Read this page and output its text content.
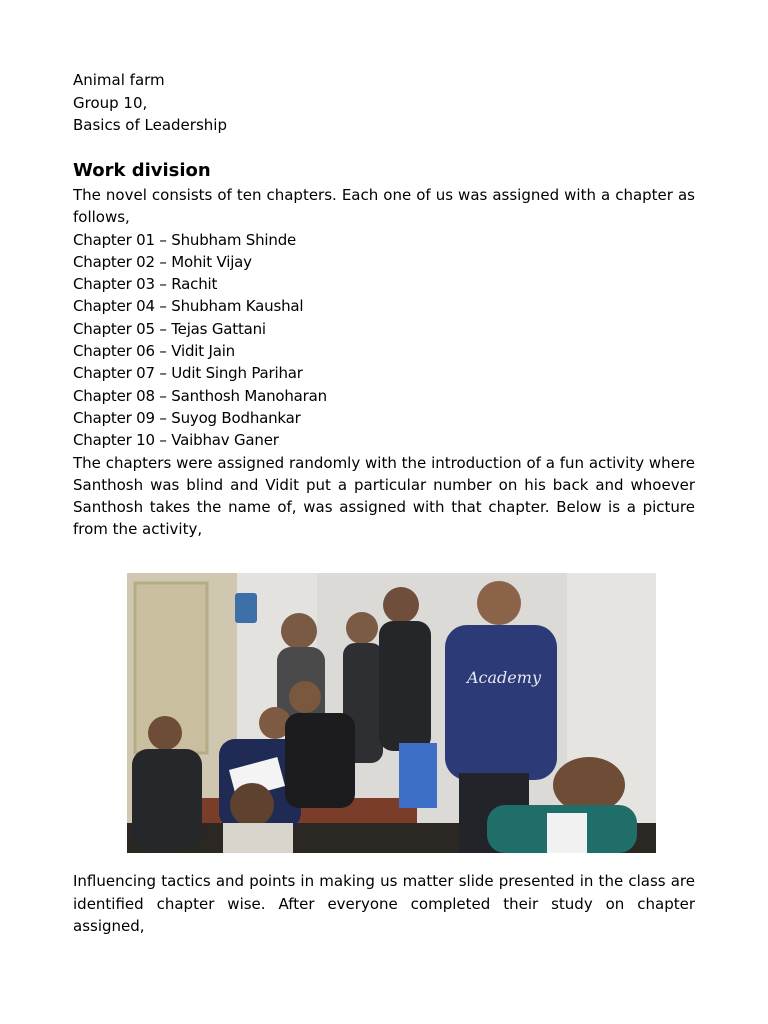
Animal farm
Group 10,
Basics of Leadership
Work division
The novel consists of ten chapters. Each one of us was assigned with a chapter as follows,
Chapter 01 – Shubham Shinde
Chapter 02 – Mohit Vijay
Chapter 03 – Rachit
Chapter 04 – Shubham Kaushal
Chapter 05 – Tejas Gattani
Chapter 06 – Vidit Jain
Chapter 07 – Udit Singh Parihar
Chapter 08 – Santhosh Manoharan
Chapter 09 – Suyog Bodhankar
Chapter 10 – Vaibhav Ganer
The chapters were assigned randomly with the introduction of a fun activity where Santhosh was blind and Vidit put a particular number on his back and whoever Santhosh takes the name of, was assigned with that chapter. Below is a picture from the activity,
Academy
Influencing tactics and points in making us matter slide presented in the class are identified chapter wise. After everyone completed their study on chapter assigned,
